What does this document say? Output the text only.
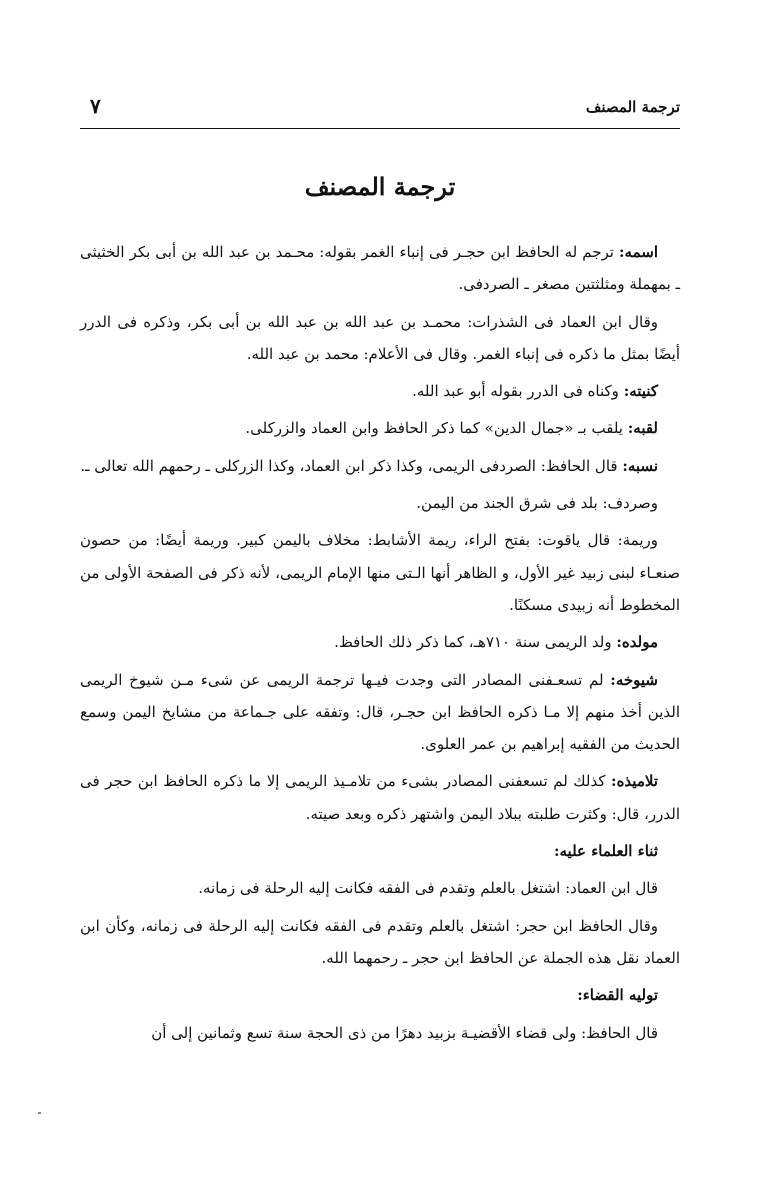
ترجمة المصنف
٧
ترجمة المصنف

اسمه: ترجم له الحافظ ابن حجـر فى إنباء الغمر بقوله: محـمد بن عبد الله بن أبى بكر الخثيثى ـ بمهملة ومثلثتين مصغر ـ الصردفى.

وقال ابن العماد فى الشذرات: محمـد بن عبد الله بن عبد الله بن أبى بكر، وذكره فى الدرر أيضًا بمثل ما ذكره فى إنباء الغمر. وقال فى الأعلام: محمد بن عبد الله.

كنيته: وكناه فى الدرر بقوله أبو عبد الله.

لقبه: يلقب بـ «جمال الدين» كما ذكر الحافظ وابن العماد والزركلى.

نسبه: قال الحافظ: الصردفى الريمى، وكذا ذكر ابن العماد، وكذا الزركلى ـ رحمهم الله تعالى ـ.

وصردف: بلد فى شرق الجند من اليمن.

وريمة: قال ياقوت: بفتح الراء، ريمة الأشابط: مخلاف باليمن كبير. وريمة أيضًا: من حصون صنعـاء لبنى زبيد غير الأول، و الظاهر أنها الـتى منها الإمام الريمى، لأنه ذكر فى الصفحة الأولى من المخطوط أنه زبيدى مسكنًا.

مولده: ولد الريمى سنة ٧١٠هـ، كما ذكر ذلك الحافظ.

شيوخه: لم تسعـفنى المصادر التى وجدت فيـها ترجمة الريمى عن شىء مـن شيوخ الريمى الذين أخذ منهم إلا مـا ذكره الحافظ ابن حجـر، قال: وتفقه على جـماعة من مشايخ اليمن وسمع الحديث من الفقيه إبراهيم بن عمر العلوى.

تلاميذه: كذلك لم تسعفنى المصادر بشىء من تلامـيذ الريمى إلا ما ذكره الحافظ ابن حجر فى الدرر، قال: وكثرت طلبته ببلاد اليمن واشتهر ذكره وبعد صيته.

ثناء العلماء عليه:

قال ابن العماد: اشتغل بالعلم وتقدم فى الفقه فكانت إليه الرحلة فى زمانه.

وقال الحافظ ابن حجر: اشتغل بالعلم وتقدم فى الفقه فكانت إليه الرحلة فى زمانه، وكأن ابن العماد نقل هذه الجملة عن الحافظ ابن حجر ـ رحمهما الله.

توليه القضاء:

قال الحافظ: ولى قضاء الأقضيـة بزبيد دهرًا من ذى الحجة سنة تسع وثمانين إلى أن
